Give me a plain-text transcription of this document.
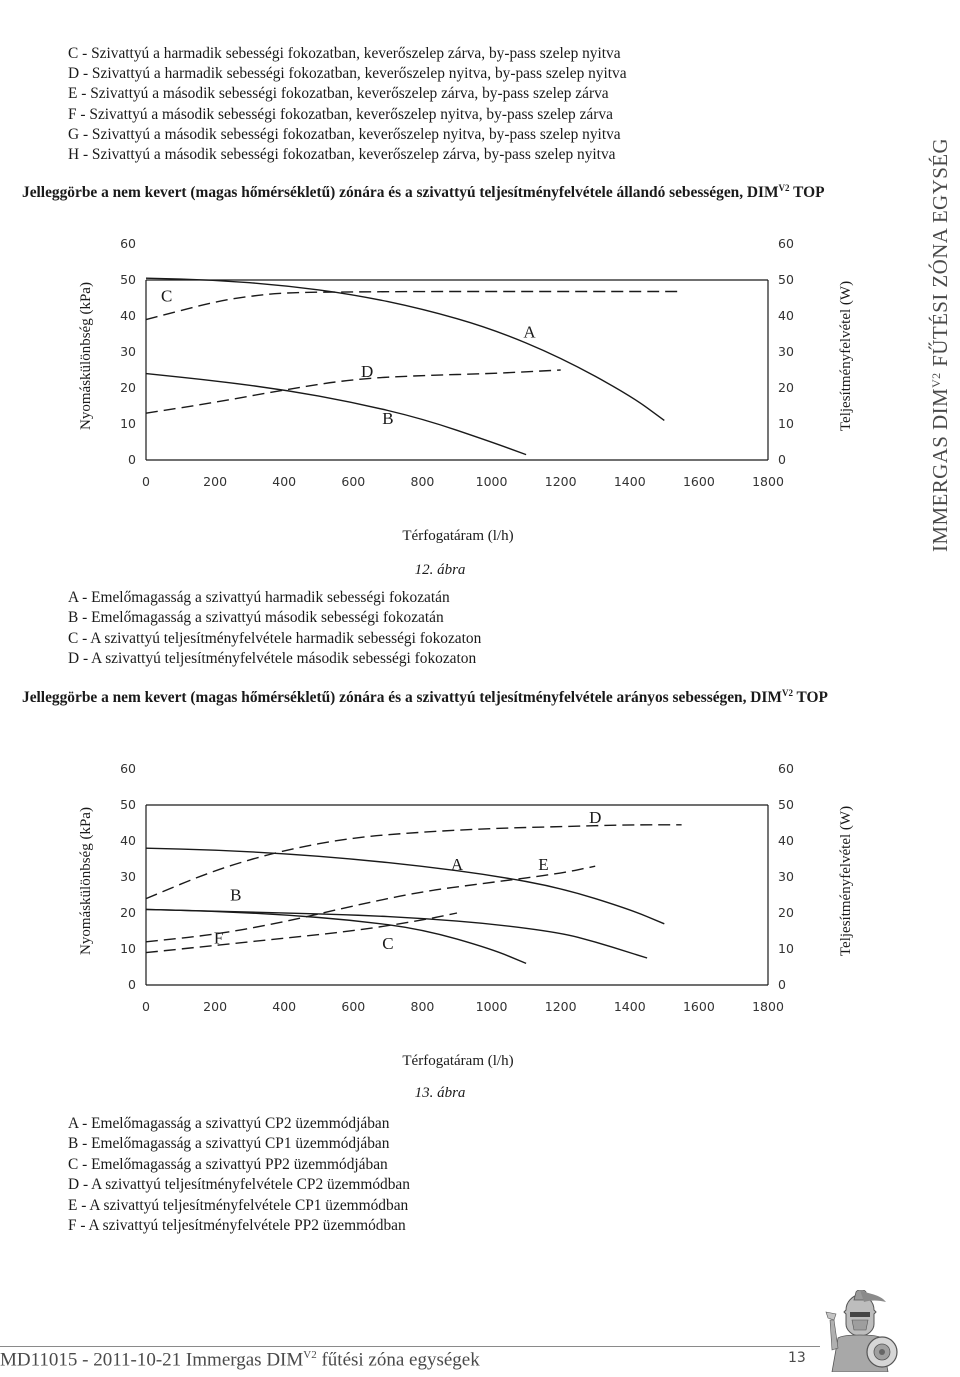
C - Szivattyú a harmadik sebességi fokozatban, keverőszelep zárva, by-pass szelep nyitva
D - Szivattyú a harmadik sebességi fokozatban, keverőszelep nyitva, by-pass szelep nyitva
E - Szivattyú a második sebességi fokozatban, keverőszelep zárva, by-pass szelep zárva
F - Szivattyú a második sebességi fokozatban, keverőszelep nyitva, by-pass szelep zárva
G - Szivattyú a második sebességi fokozatban, keverőszelep nyitva, by-pass szelep nyitva
H - Szivattyú a második sebességi fokozatban, keverőszelep zárva, by-pass szelep nyitva
Jelleggörbe a nem kevert (magas hőmérsékletű) zónára és a szivattyú teljesítményfelvétele állandó sebességen, $DIM^{V2}$ TOP
0	0
10	10
20	20
30	30
40	40
50	50
60	60
0	200	400	600	800	1000	1200	1400	1600	1800
Nyomáskülönbség (kPa)	Teljesítményfelvétel (W)
Térfogatáram (l/h)
12. ábra
C
A
D
B
A - Emelőmagasság a szivattyú harmadik sebességi fokozatán
B - Emelőmagasság a szivattyú második sebességi fokozatán
C - A szivattyú teljesítményfelvétele harmadik sebességi fokozaton
D - A szivattyú teljesítményfelvétele második sebességi fokozaton
Jelleggörbe a nem kevert (magas hőmérsékletű) zónára és a szivattyú teljesítményfelvétele arányos sebességen, $DIM^{V2}$ TOP
0	0
10	10
20	20
30	30
40	40
50	50
60	60
0	200	400	600	800	1000	1200	1400	1600	1800
Nyomáskülönbség (kPa)	Teljesítményfelvétel (W)
Térfogatáram (l/h)
13. ábra
B
F
A	E
D
C
A - Emelőmagasság a szivattyú CP2 üzemmódjában
B - Emelőmagasság a szivattyú CP1 üzemmódjában
C - Emelőmagasság a szivattyú PP2 üzemmódjában
D - A szivattyú teljesítményfelvétele CP2 üzemmódban
E - A szivattyú teljesítményfelvétele CP1 üzemmódban
F - A szivattyú teljesítményfelvétele PP2 üzemmódban
IMMERGAS $DIM^{V2}$ FŰTÉSI ZÓNA EGYSÉGEK
MD11015 - 2011-10-21 Immergas $DIM^{V2}$ fűtési zóna egységek	13
